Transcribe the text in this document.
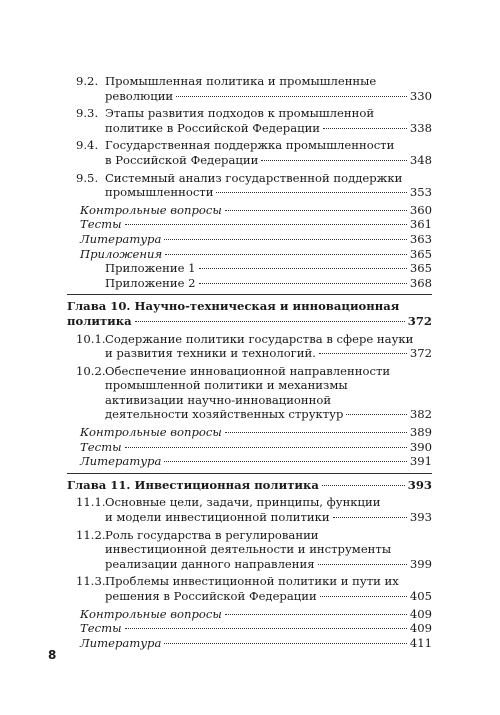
9.2. Промышленная политика и промышленные
революции	330
9.3. Этапы развития подходов к промышленной
политике в Российской Федерации	338
9.4. Государственная поддержка промышленности
в Российской Федерации	348
9.5. Системный анализ государственной поддержки
промышленности	353
Контрольные вопросы	360
Тесты	361
Литература	363
Приложения	365
Приложение 1	365
Приложение 2	368
Глава 10. Научно-техническая и инновационная
политика	372
10.1. Содержание политики государства в сфере науки
и развития техники и технологий.	372
10.2. Обеспечение инновационной направленности
промышленной политики и механизмы
активизации научно-инновационной
деятельности хозяйственных структур	382
Контрольные вопросы	389
Тесты	390
Литература	391
Глава 11. Инвестиционная политика	393
11.1. Основные цели, задачи, принципы, функции
и модели инвестиционной политики	393
11.2. Роль государства в регулировании
инвестиционной деятельности и инструменты
реализации данного направления	399
11.3. Проблемы инвестиционной политики и пути их
решения в Российской Федерации	405
Контрольные вопросы	409
Тесты	409
Литература	411
8
